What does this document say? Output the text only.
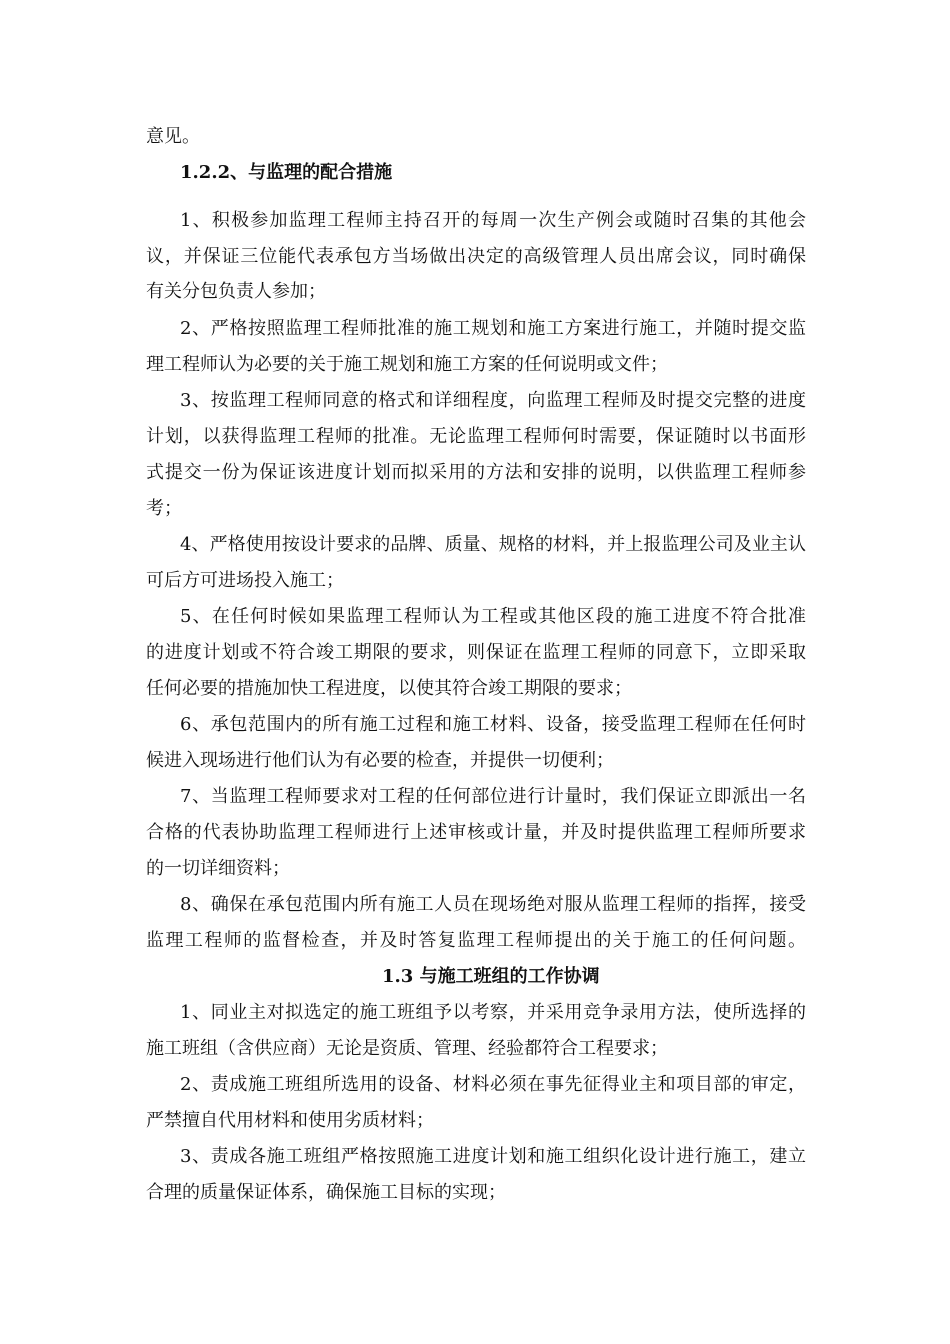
1.2.2、与监理的配合措施
1.3 与施工班组的工作协调
意见。
1、积极参加监理工程师主持召开的每周一次生产例会或随时召集的其他会
议，并保证三位能代表承包方当场做出决定的高级管理人员出席会议，同时确保
有关分包负责人参加；
2、严格按照监理工程师批准的施工规划和施工方案进行施工，并随时提交监
理工程师认为必要的关于施工规划和施工方案的任何说明或文件；
3、按监理工程师同意的格式和详细程度，向监理工程师及时提交完整的进度
计划，以获得监理工程师的批准。无论监理工程师何时需要，保证随时以书面形
式提交一份为保证该进度计划而拟采用的方法和安排的说明，以供监理工程师参
考；
4、严格使用按设计要求的品牌、质量、规格的材料，并上报监理公司及业主认
可后方可进场投入施工；
5、在任何时候如果监理工程师认为工程或其他区段的施工进度不符合批准
的进度计划或不符合竣工期限的要求，则保证在监理工程师的同意下，立即采取
任何必要的措施加快工程进度，以使其符合竣工期限的要求；
6、承包范围内的所有施工过程和施工材料、设备，接受监理工程师在任何时
候进入现场进行他们认为有必要的检查，并提供一切便利；
7、当监理工程师要求对工程的任何部位进行计量时，我们保证立即派出一名
合格的代表协助监理工程师进行上述审核或计量，并及时提供监理工程师所要求
的一切详细资料；
8、确保在承包范围内所有施工人员在现场绝对服从监理工程师的指挥，接受
监理工程师的监督检查，并及时答复监理工程师提出的关于施工的任何问题。
1、同业主对拟选定的施工班组予以考察，并采用竞争录用方法，使所选择的
施工班组（含供应商）无论是资质、管理、经验都符合工程要求；
2、责成施工班组所选用的设备、材料必须在事先征得业主和项目部的审定，
严禁擅自代用材料和使用劣质材料；
3、责成各施工班组严格按照施工进度计划和施工组织化设计进行施工，建立
合理的质量保证体系，确保施工目标的实现；
